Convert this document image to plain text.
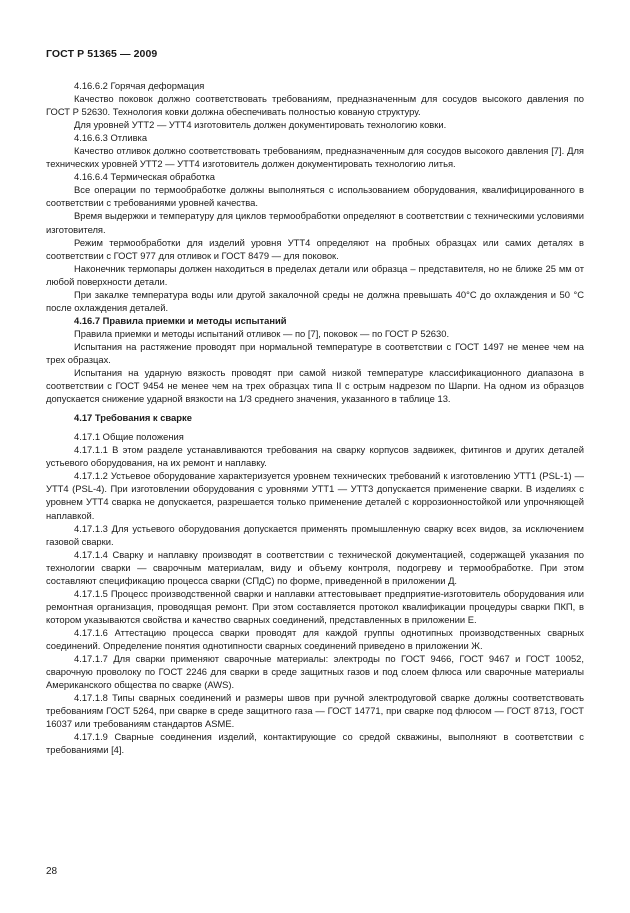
ГОСТ Р 51365 — 2009

4.16.6.2 Горячая деформация

Качество поковок должно соответствовать требованиям, предназначенным для сосудов высокого давления по ГОСТ Р 52630. Технология ковки должна обеспечивать полностью кованую структуру.

Для уровней УТТ2 — УТТ4 изготовитель должен документировать технологию ковки.

4.16.6.3 Отливка

Качество отливок должно соответствовать требованиям, предназначенным для сосудов высокого давления [7]. Для технических уровней УТТ2 — УТТ4 изготовитель должен документировать технологию литья.

4.16.6.4 Термическая обработка

Все операции по термообработке должны выполняться с использованием оборудования, квалифицированного в соответствии с требованиями уровней качества.

Время выдержки и температуру для циклов термообработки определяют в соответствии с техническими условиями изготовителя.

Режим термообработки для изделий уровня УТТ4 определяют на пробных образцах или самих деталях в соответствии с ГОСТ 977 для отливок и ГОСТ 8479 — для поковок.

Наконечник термопары должен находиться в пределах детали или образца – представителя, но не ближе 25 мм от любой поверхности детали.

При закалке температура воды или другой закалочной среды не должна превышать 40°С до охлаждения и 50 °С после охлаждения деталей.

4.16.7 Правила приемки и методы испытаний

Правила приемки и методы испытаний отливок — по [7], поковок — по ГОСТ Р 52630.

Испытания на растяжение проводят при нормальной температуре в соответствии с ГОСТ 1497 не менее чем на трех образцах.

Испытания на ударную вязкость проводят при самой низкой температуре классификационного диапазона в соответствии с ГОСТ 9454 не менее чем на трех образцах типа II с острым надрезом по Шарпи. На одном из образцов допускается снижение ударной вязкости на 1/3 среднего значения, указанного в таблице 13.

4.17 Требования к сварке

4.17.1 Общие положения

4.17.1.1 В этом разделе устанавливаются требования на сварку корпусов задвижек, фитингов и других деталей устьевого оборудования, на их ремонт и наплавку.

4.17.1.2 Устьевое оборудование характеризуется уровнем технических требований к изготовлению УТТ1 (PSL-1) — УТТ4 (PSL-4). При изготовлении оборудования с уровнями УТТ1 — УТТ3 допускается применение сварки. В изделиях с уровнем УТТ4 сварка не допускается, разрешается только применение деталей с коррозионностойкой или упрочняющей наплавкой.

4.17.1.3 Для устьевого оборудования допускается применять промышленную сварку всех видов, за исключением газовой сварки.

4.17.1.4 Сварку и наплавку производят в соответствии с технической документацией, содержащей указания по технологии сварки — сварочным материалам, виду и объему контроля, подогреву и термообработке. При этом составляют спецификацию процесса сварки (СПдС) по форме, приведенной в приложении Д.

4.17.1.5 Процесс производственной сварки и наплавки аттестовывает предприятие-изготовитель оборудования или ремонтная организация, проводящая ремонт. При этом составляется протокол квалификации процедуры сварки ПКП, в котором указываются свойства и качество сварных соединений, представленных в приложении Е.

4.17.1.6 Аттестацию процесса сварки проводят для каждой группы однотипных производственных сварных соединений. Определение понятия однотипности сварных соединений приведено в приложении Ж.

4.17.1.7 Для сварки применяют сварочные материалы: электроды по ГОСТ 9466, ГОСТ 9467 и ГОСТ 10052, сварочную проволоку по ГОСТ 2246 для сварки в среде защитных газов и под слоем флюса или сварочные материалы Американского общества по сварке (AWS).

4.17.1.8 Типы сварных соединений и размеры швов при ручной электродуговой сварке должны соответствовать требованиям ГОСТ 5264, при сварке в среде защитного газа — ГОСТ 14771, при сварке под флюсом — ГОСТ 8713, ГОСТ 16037 или требованиям стандартов ASME.

4.17.1.9 Сварные соединения изделий, контактирующие со средой скважины, выполняют в соответствии с требованиями [4].

28
